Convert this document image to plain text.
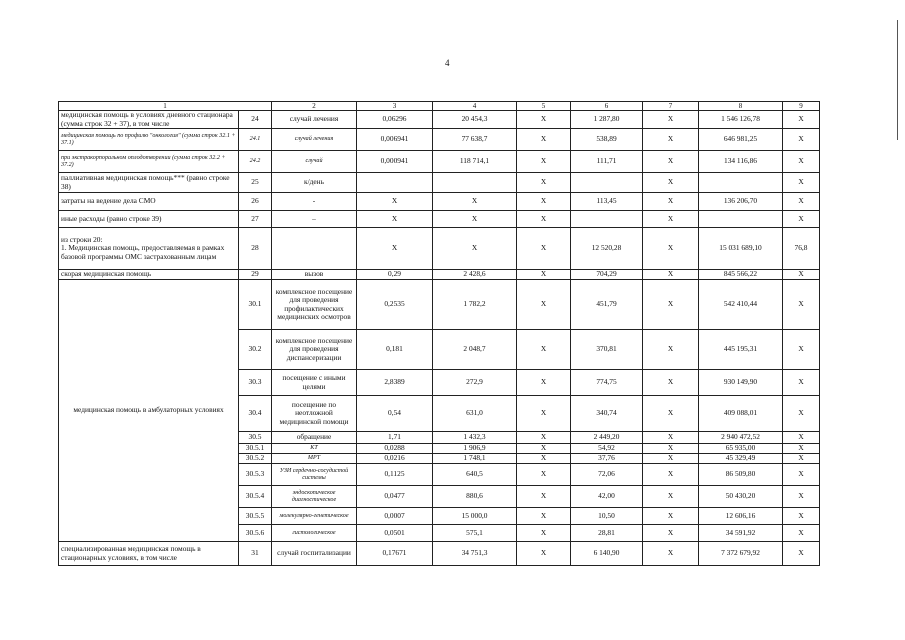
4
1		2	3	4	5	6	7	8	9
медицинская помощь в условиях дневного стационара (сумма строк 32 + 37), в том числе	24	случай лечения	0,06296	20 454,3	X	1 287,80	X	1 546 126,78	X
медицинская помощь по профилю "онкология" (сумма строк 32.1 + 37.1)	24.1	случай лечения	0,006941	77 638,7	X	538,89	X	646 981,25	X
при экстракорпоральном оплодотворении (сумма строк 32.2 + 37.2)	24.2	случай	0,000941	118 714,1	X	111,71	X	134 116,86	X
паллиативная медицинская помощь*** (равно строке 38)	25	к/день			X		X		X
затраты на ведение дела СМО	26	-	X	X	X	113,45	X	136 206,70	X
иные расходы (равно строке 39)	27	–	X	X	X		X		X
из строки 20:
1. Медицинская помощь, предоставляемая в рамках базовой программы ОМС застрахованным лицам	28		X	X	X	12 520,28	X	15 031 689,10	76,8
скорая медицинская помощь	29	вызов	0,29	2 428,6	X	704,29	X	845 566,22	X
медицинская помощь в амбулаторных условиях	30.1	комплексное посещение для проведения профилактических медицинских осмотров	0,2535	1 782,2	X	451,79	X	542 410,44	X
	30.2	комплексное посещение для проведения диспансеризации	0,181	2 048,7	X	370,81	X	445 195,31	X
	30.3	посещение с иными целями	2,8389	272,9	X	774,75	X	930 149,90	X
	30.4	посещение по неотложной медицинской помощи	0,54	631,0	X	340,74	X	409 088,01	X
	30.5	обращение	1,71	1 432,3	X	2 449,20	X	2 940 472,52	X
	30.5.1	КТ	0,0288	1 906,9	X	54,92	X	65 935,00	X
	30.5.2	МРТ	0,0216	1 748,1	X	37,76	X	45 329,49	X
	30.5.3	УЗИ сердечно-сосудистой системы	0,1125	640,5	X	72,06	X	86 509,80	X
	30.5.4	эндоскопическое диагностическое	0,0477	880,6	X	42,00	X	50 430,20	X
	30.5.5	молекулярно-генетическое	0,0007	15 000,0	X	10,50	X	12 606,16	X
	30.5.6	гистологическое	0,0501	575,1	X	28,81	X	34 591,92	X
специализированная медицинская помощь в стационарных условиях, в том числе	31	случай госпитализации	0,17671	34 751,3	X	6 140,90	X	7 372 679,92	X
